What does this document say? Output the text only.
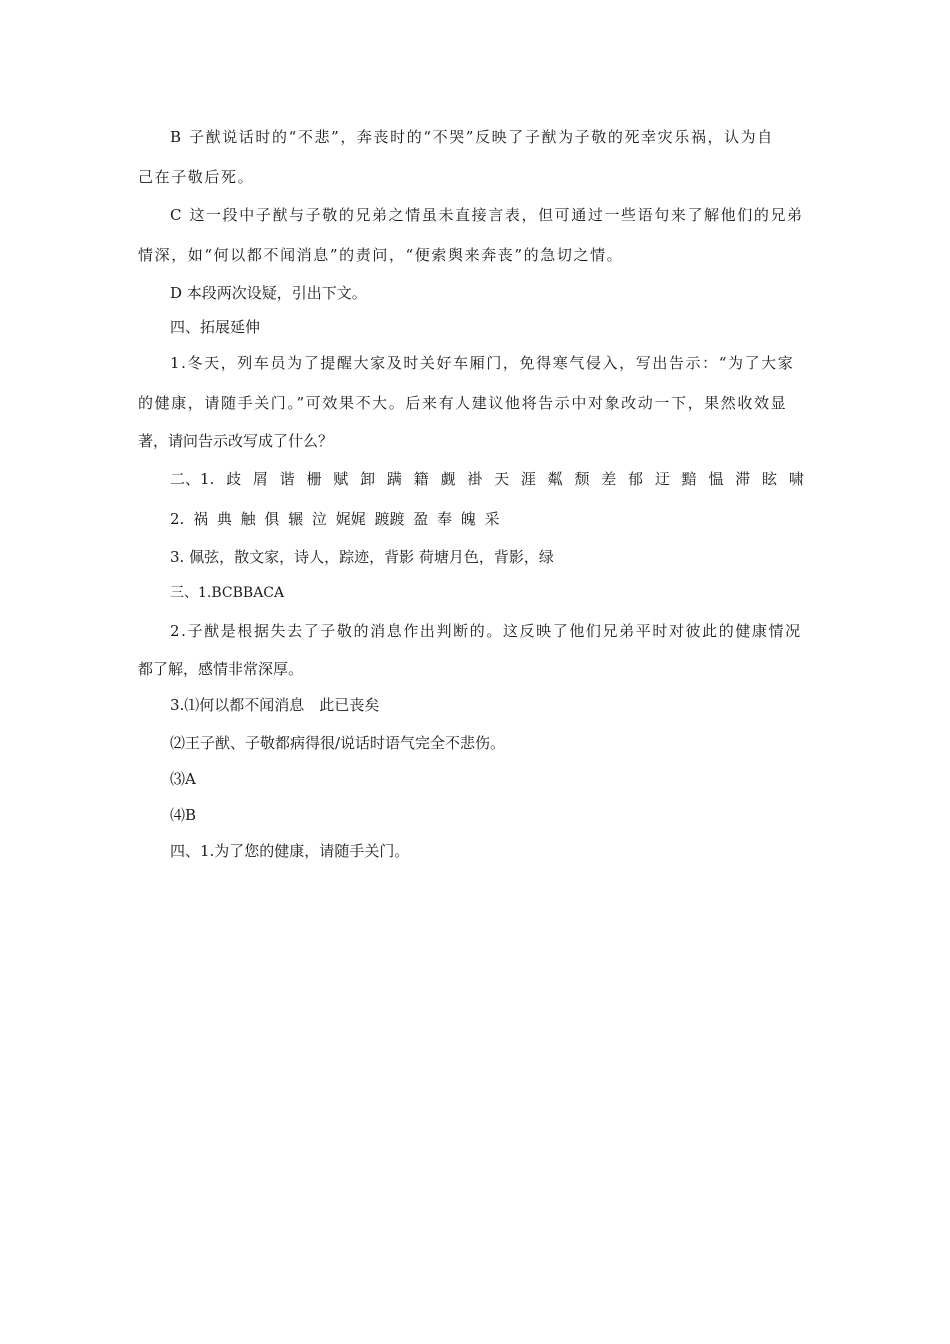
B 子猷说话时的“不悲”，奔丧时的“不哭”反映了子猷为子敬的死幸灾乐祸，认为自
己在子敬后死。
C 这一段中子猷与子敬的兄弟之情虽未直接言表，但可通过一些语句来了解他们的兄弟
情深，如“何以都不闻消息”的责问，“便索舆来奔丧”的急切之情。
D 本段两次设疑，引出下文。
四、拓展延伸
1.冬天，列车员为了提醒大家及时关好车厢门，免得寒气侵入，写出告示：“为了大家
的健康，请随手关门。”可效果不大。后来有人建议他将告示中对象改动一下，果然收效显
著，请问告示改写成了什么？
二、1. 歧 屑 谐 栅 赋 卸 蹒 籍 觑 褂 天 涯 粼 颓 差 郁 迂 黯 愠 滞 眩 啸
2. 祸 典 触 俱 辗 泣 娓娓 踱踱 盈 奉 魄 采
3. 佩弦，散文家，诗人，踪迹，背影 荷塘月色，背影，绿
三、1.BCBBACA
2.子猷是根据失去了子敬的消息作出判断的。这反映了他们兄弟平时对彼此的健康情况
都了解，感情非常深厚。
3.⑴何以都不闻消息　此已丧矣
⑵王子猷、子敬都病得很/说话时语气完全不悲伤。
⑶A
⑷B
四、1.为了您的健康，请随手关门。
